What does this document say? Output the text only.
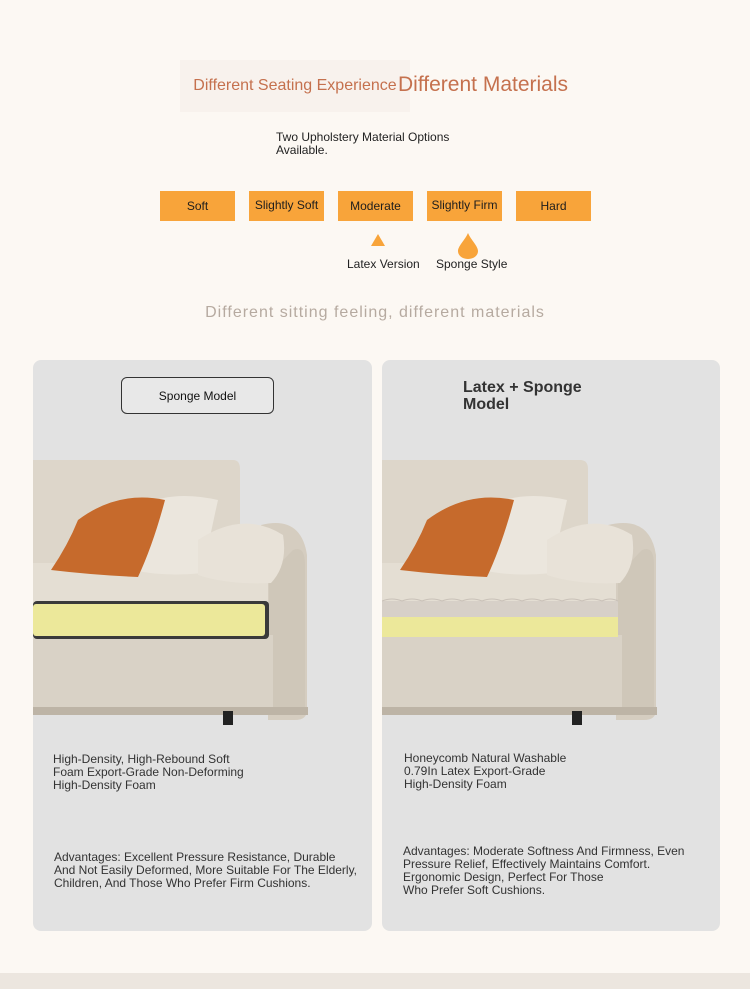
Different Seating Experience Different Materials
Two Upholstery Material Options
Available.
Soft	Slightly Soft	Moderate	Slightly Firm	Hard
Latex Version Sponge Style
Different sitting feeling, different materials
Sponge Model
High-Density, High-Rebound Soft
Foam Export-Grade Non-Deforming
High-Density Foam
Advantages: Excellent Pressure Resistance, Durable
And Not Easily Deformed, More Suitable For The Elderly,
Children, And Those Who Prefer Firm Cushions.
Latex + Sponge
Model
Honeycomb Natural Washable
0.79In Latex Export-Grade
High-Density Foam
Advantages: Moderate Softness And Firmness, Even
Pressure Relief, Effectively Maintains Comfort.
Ergonomic Design, Perfect For Those
Who Prefer Soft Cushions.
